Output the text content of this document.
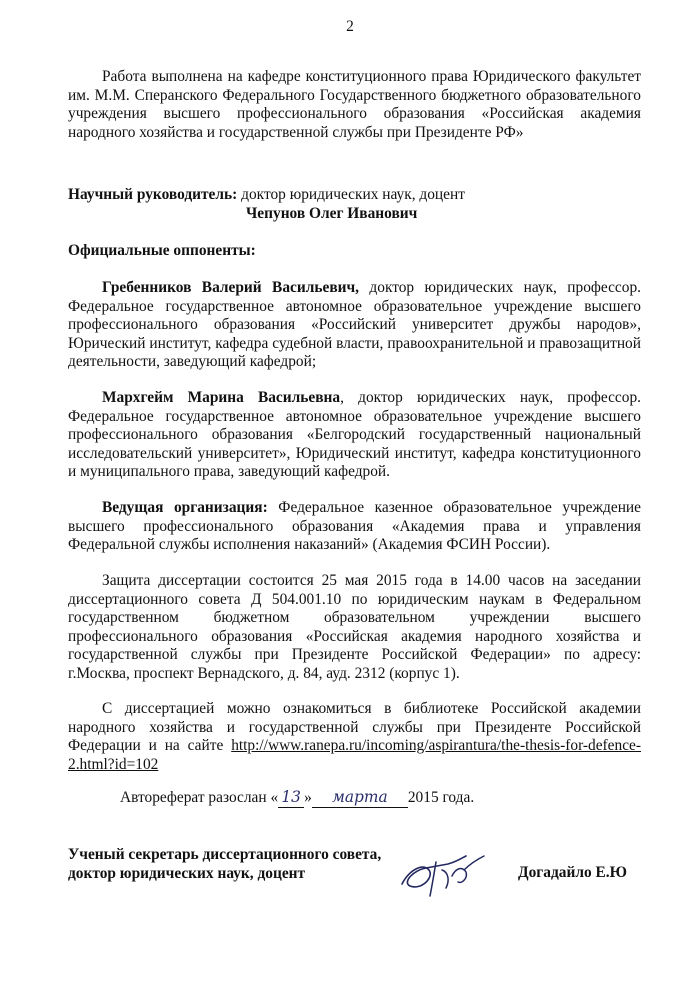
2
Работа выполнена на кафедре конституционного права Юридического факультет им. М.М. Сперанского Федерального Государственного бюджетного образовательного учреждения высшего профессионального образования «Российская академия народного хозяйства и государственной службы при Президенте РФ»
Научный руководитель: доктор юридических наук, доцент
Чепунов Олег Иванович
Официальные оппоненты:
Гребенников Валерий Васильевич, доктор юридических наук, профессор. Федеральное государственное автономное образовательное учреждение высшего профессионального образования «Российский университет дружбы народов», Юрический институт, кафедра судебной власти, правоохранительной и правозащитной деятельности, заведующий кафедрой;
Мархгейм Марина Васильевна, доктор юридических наук, профессор. Федеральное государственное автономное образовательное учреждение высшего профессионального образования «Белгородский государственный национальный исследовательский университет», Юридический институт, кафедра конституционного и муниципального права, заведующий кафедрой.
Ведущая организация: Федеральное казенное образовательное учреждение высшего профессионального образования «Академия права и управления Федеральной службы исполнения наказаний» (Академия ФСИН России).
Защита диссертации состоится 25 мая 2015 года в 14.00 часов на заседании диссертационного совета Д 504.001.10 по юридическим наукам в Федеральном государственном бюджетном образовательном учреждении высшего профессионального образования «Российская академия народного хозяйства и государственной службы при Президенте Российской Федерации» по адресу: г.Москва, проспект Вернадского, д. 84, ауд. 2312 (корпус 1).
С диссертацией можно ознакомиться в библиотеке Российской академии народного хозяйства и государственной службы при Президенте Российской Федерации и на сайте http://www.ranepa.ru/incoming/aspirantura/the-thesis-for-defence-2.html?id=102
Автореферат разослан « 13 » марта 2015 года.
Ученый секретарь диссертационного совета,
доктор юридических наук, доцент	Догадайло Е.Ю
